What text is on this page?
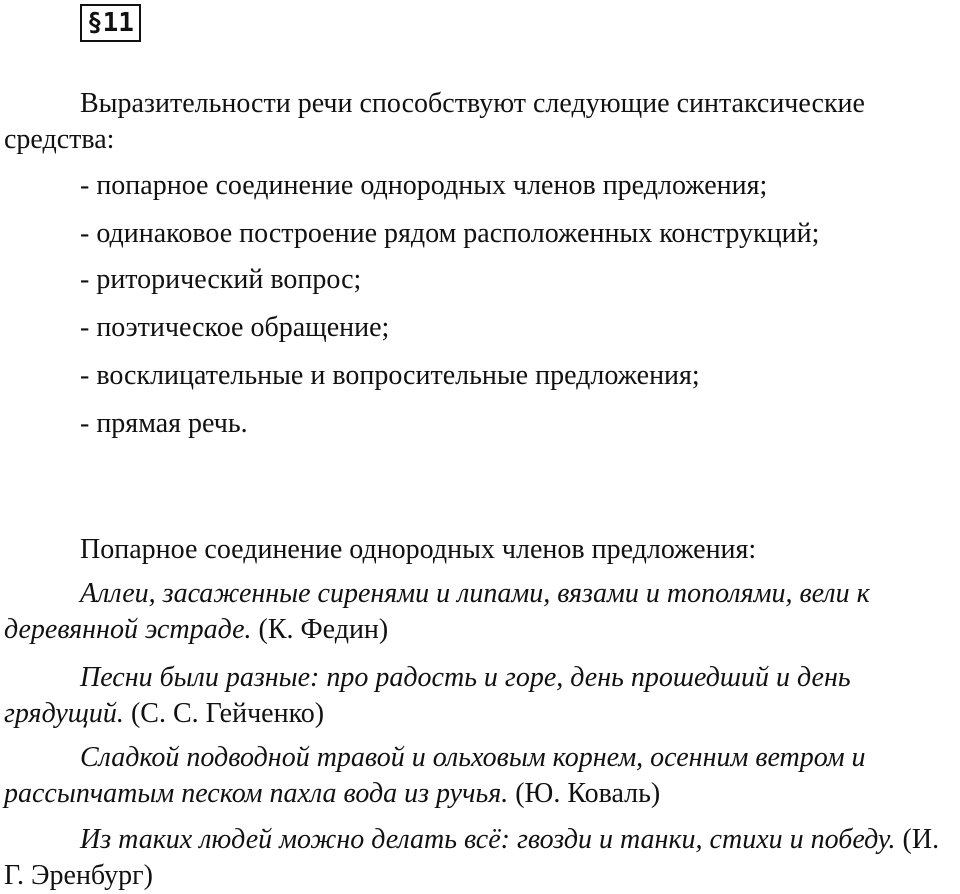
§11
Выразительности речи способствуют следующие синтаксические средства:
- попарное соединение однородных членов предложения;
- одинаковое построение рядом расположенных конструкций;
- риторический вопрос;
- поэтическое обращение;
- восклицательные и вопросительные предложения;
- прямая речь.
Попарное соединение однородных членов предложения:
Аллеи, засаженные сиренями и липами, вязами и тополями, вели к деревянной эстраде. (К. Федин)
Песни были разные: про радость и горе, день прошедший и день грядущий. (С. С. Гейченко)
Сладкой подводной травой и ольховым корнем, осенним ветром и рассыпчатым песком пахла вода из ручья. (Ю. Коваль)
Из таких людей можно делать всё: гвозди и танки, стихи и победу. (И. Г. Эренбург)
